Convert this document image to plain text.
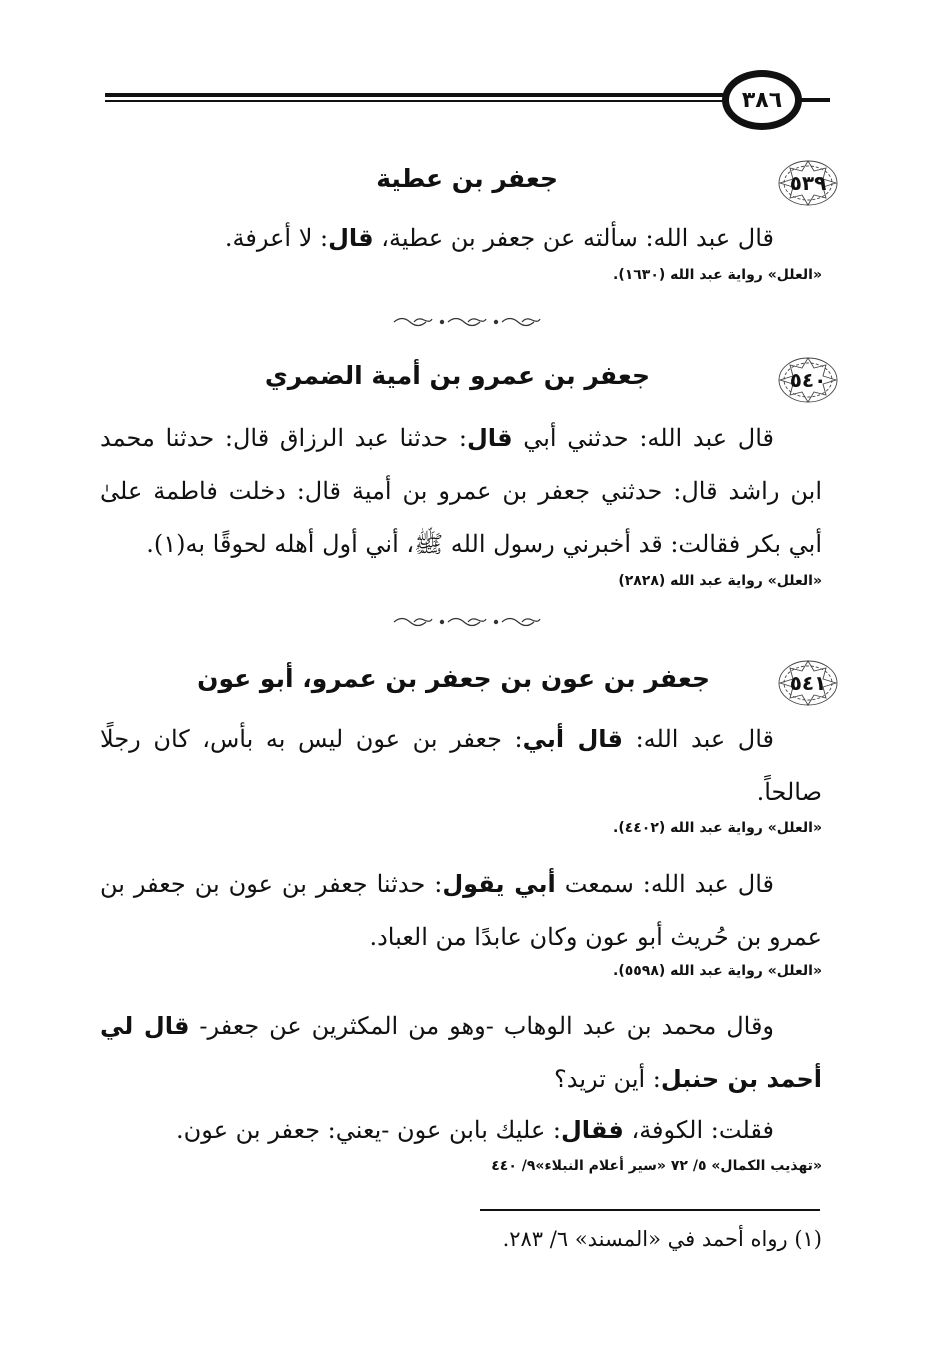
٣٨٦
٥٣٩
جعفر بن عطية
قال عبد الله: سألته عن جعفر بن عطية، قال: لا أعرفة.
«العلل» رواية عبد الله (١٦٣٠).
٥٤٠
جعفر بن عمرو بن أمية الضمري
قال عبد الله: حدثني أبي قال: حدثنا عبد الرزاق قال: حدثنا محمد ابن راشد قال: حدثني جعفر بن عمرو بن أمية قال: دخلت فاطمة علىٰ أبي بكر فقالت: قد أخبرني رسول الله ﷺ، أني أول أهله لحوقًا به(١).
«العلل» رواية عبد الله (٢٨٢٨)
٥٤١
جعفر بن عون بن جعفر بن عمرو، أبو عون
قال عبد الله: قال أبي: جعفر بن عون ليس به بأس، كان رجلًا صالحاً.
«العلل» رواية عبد الله (٤٤٠٢).
قال عبد الله: سمعت أبي يقول: حدثنا جعفر بن عون بن جعفر بن عمرو بن حُريث أبو عون وكان عابدًا من العباد.
«العلل» رواية عبد الله (٥٥٩٨).
وقال محمد بن عبد الوهاب -وهو من المكثرين عن جعفر- قال لي أحمد بن حنبل: أين تريد؟
فقلت: الكوفة، فقال: عليك بابن عون -يعني: جعفر بن عون.
«تهذيب الكمال» ٥/ ٧٢ «سير أعلام النبلاء»٩/ ٤٤٠
(١) رواه أحمد في «المسند» ٦/ ٢٨٣.
